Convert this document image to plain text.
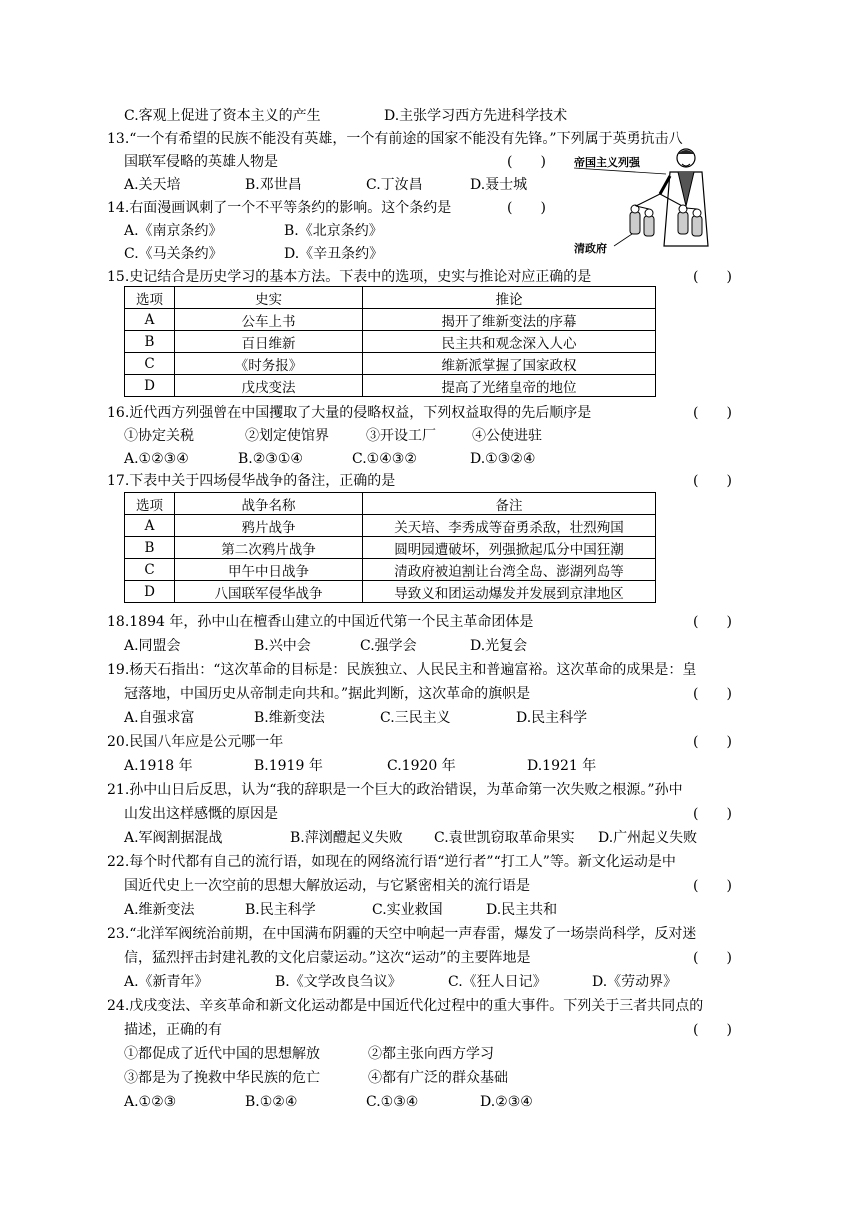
C.客观上促进了资本主义的产生	D.主张学习西方先进科学技术
13.“一个有希望的民族不能没有英雄，一个有前途的国家不能没有先锋。”下列属于英勇抗击八
国联军侵略的英雄人物是	(　　)
A.关天培	B.邓世昌	C.丁汝昌	D.聂士城
帝国主义列强
清政府
14.右面漫画讽刺了一个不平等条约的影响。这个条约是	(　　)
A.《南京条约》	B.《北京条约》
C.《马关条约》	D.《辛丑条约》
15.史记结合是历史学习的基本方法。下表中的选项，史实与推论对应正确的是	(　　)
选项	史实	推论
A	公车上书	揭开了维新变法的序幕
B	百日维新	民主共和观念深入人心
C	《时务报》	维新派掌握了国家政权
D	戊戌变法	提高了光绪皇帝的地位
16.近代西方列强曾在中国攫取了大量的侵略权益，下列权益取得的先后顺序是	(　　)
①协定关税	②划定使馆界	③开设工厂	④公使进驻
A.①②③④	B.②③①④	C.①④③②	D.①③②④
17.下表中关于四场侵华战争的备注，正确的是	(　　)
选项	战争名称	备注
A	鸦片战争	关天培、李秀成等奋勇杀敌，壮烈殉国
B	第二次鸦片战争	圆明园遭破坏，列强掀起瓜分中国狂潮
C	甲午中日战争	清政府被迫割让台湾全岛、澎湖列岛等
D	八国联军侵华战争	导致义和团运动爆发并发展到京津地区
18.1894 年，孙中山在檀香山建立的中国近代第一个民主革命团体是	(　　)
A.同盟会	B.兴中会	C.强学会	D.光复会
19.杨天石指出：“这次革命的目标是：民族独立、人民民主和普遍富裕。这次革命的成果是：皇
冠落地，中国历史从帝制走向共和。”据此判断，这次革命的旗帜是	(　　)
A.自强求富	B.维新变法	C.三民主义	D.民主科学
20.民国八年应是公元哪一年	(　　)
A.1918 年	B.1919 年	C.1920 年	D.1921 年
21.孙中山日后反思，认为“我的辞职是一个巨大的政治错误，为革命第一次失败之根源。”孙中
山发出这样感慨的原因是	(　　)
A.军阀割据混战	B.萍浏醴起义失败 C.袁世凯窃取革命果实 D.广州起义失败
22.每个时代都有自己的流行语，如现在的网络流行语“逆行者”“打工人”等。新文化运动是中
国近代史上一次空前的思想大解放运动，与它紧密相关的流行语是	(　　)
A.维新变法	B.民主科学	C.实业救国	D.民主共和
23.“北洋军阀统治前期，在中国满布阴霾的天空中响起一声春雷，爆发了一场崇尚科学，反对迷
信，猛烈抨击封建礼教的文化启蒙运动。”这次“运动”的主要阵地是	(　　)
A.《新青年》	B.《文学改良刍议》	C.《狂人日记》	D.《劳动界》
24.戊戌变法、辛亥革命和新文化运动都是中国近代化过程中的重大事件。下列关于三者共同点的
描述，正确的有	(　　)
①都促成了近代中国的思想解放	②都主张向西方学习
③都是为了挽救中华民族的危亡	④都有广泛的群众基础
A.①②③	B.①②④	C.①③④	D.②③④
